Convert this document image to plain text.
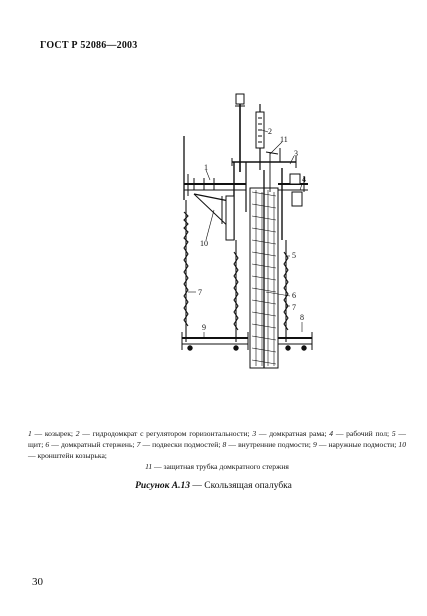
ГОСТ Р 52086—2003
1
2
11
3
4
10
5
7	6
7
9
8
1 — козырек; 2 — гидродомкрат с регулятором горизонтальности; 3 — домкратная рама; 4 — рабочий пол; 5 — щит; 6 — домкратный стержень; 7 — подвески подмостей; 8 — внутренние подмости; 9 — наружные подмости; 10 — кронштейн козырька;
11 — защитная трубка домкратного стержня
Рисунок А.13 — Скользящая опалубка
30
